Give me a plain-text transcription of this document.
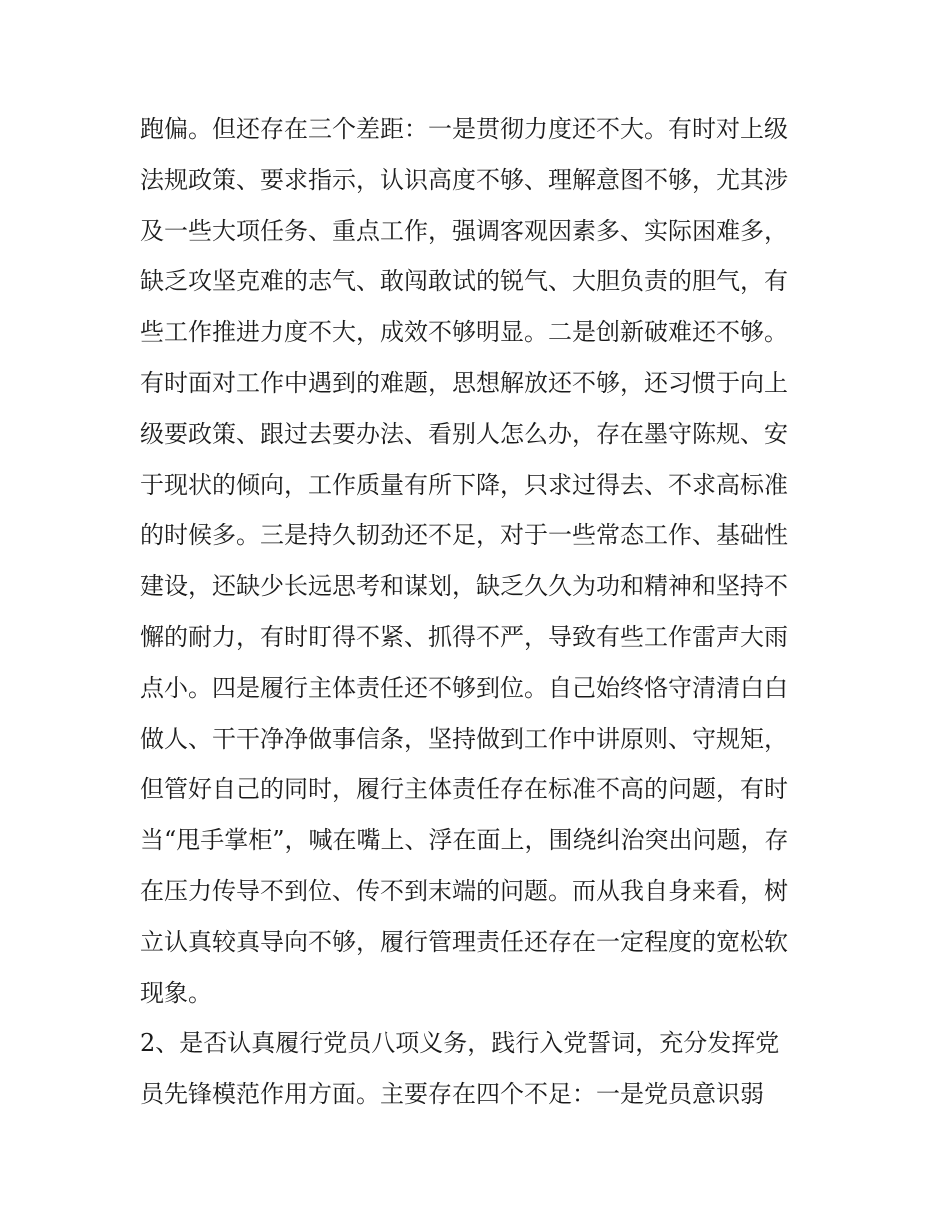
跑偏。但还存在三个差距：一是贯彻力度还不大。有时对上级
法规政策、要求指示，认识高度不够、理解意图不够，尤其涉
及一些大项任务、重点工作，强调客观因素多、实际困难多，
缺乏攻坚克难的志气、敢闯敢试的锐气、大胆负责的胆气，有
些工作推进力度不大，成效不够明显。二是创新破难还不够。
有时面对工作中遇到的难题，思想解放还不够，还习惯于向上
级要政策、跟过去要办法、看别人怎么办，存在墨守陈规、安
于现状的倾向，工作质量有所下降，只求过得去、不求高标准
的时候多。三是持久韧劲还不足，对于一些常态工作、基础性
建设，还缺少长远思考和谋划，缺乏久久为功和精神和坚持不
懈的耐力，有时盯得不紧、抓得不严，导致有些工作雷声大雨
点小。四是履行主体责任还不够到位。自己始终恪守清清白白
做人、干干净净做事信条，坚持做到工作中讲原则、守规矩，
但管好自己的同时，履行主体责任存在标准不高的问题，有时
当“甩手掌柜”，喊在嘴上、浮在面上，围绕纠治突出问题，存
在压力传导不到位、传不到末端的问题。而从我自身来看，树
立认真较真导向不够，履行管理责任还存在一定程度的宽松软
现象。
2、是否认真履行党员八项义务，践行入党誓词，充分发挥党
员先锋模范作用方面。主要存在四个不足：一是党员意识弱
